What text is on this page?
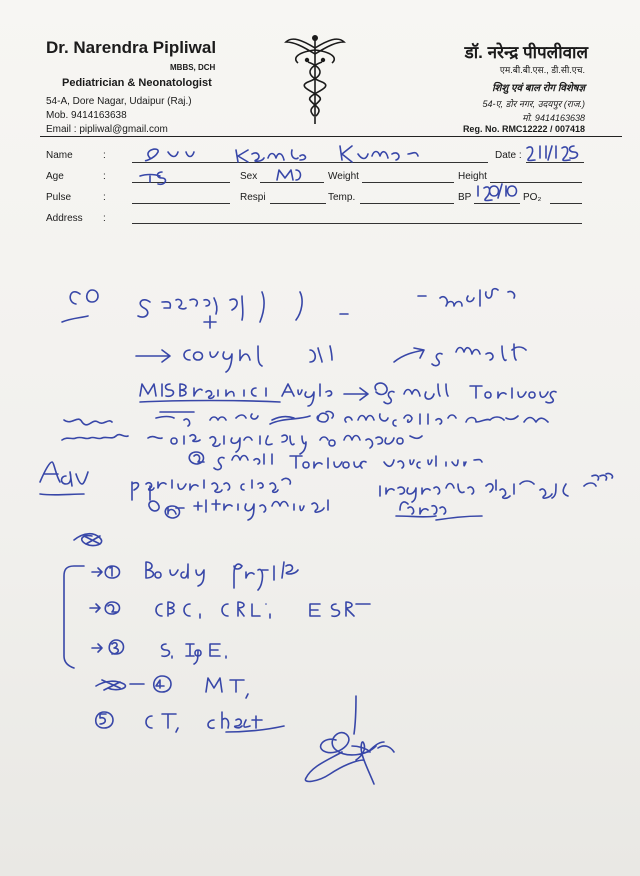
Dr. Narendra Pipliwal
MBBS, DCH
Pediatrician & Neonatologist
54-A, Dore Nagar, Udaipur (Raj.)
Mob. 9414163638
Email : pipliwal@gmail.com
डॉ. नरेन्द्र पीपलीवाल
एम.बी.बी.एस., डी.सी.एच.
शिशु एवं बाल रोग विशेषज्ञ
54-ए, डोर नगर, उदयपुर (राज.)
मो. 9414163638
Reg. No. RMC12222 / 007418
Name	:	Date :
Age	:	Sex	Weight	Height
Pulse	:	Respi	Temp.	BP	PO₂
Address :
